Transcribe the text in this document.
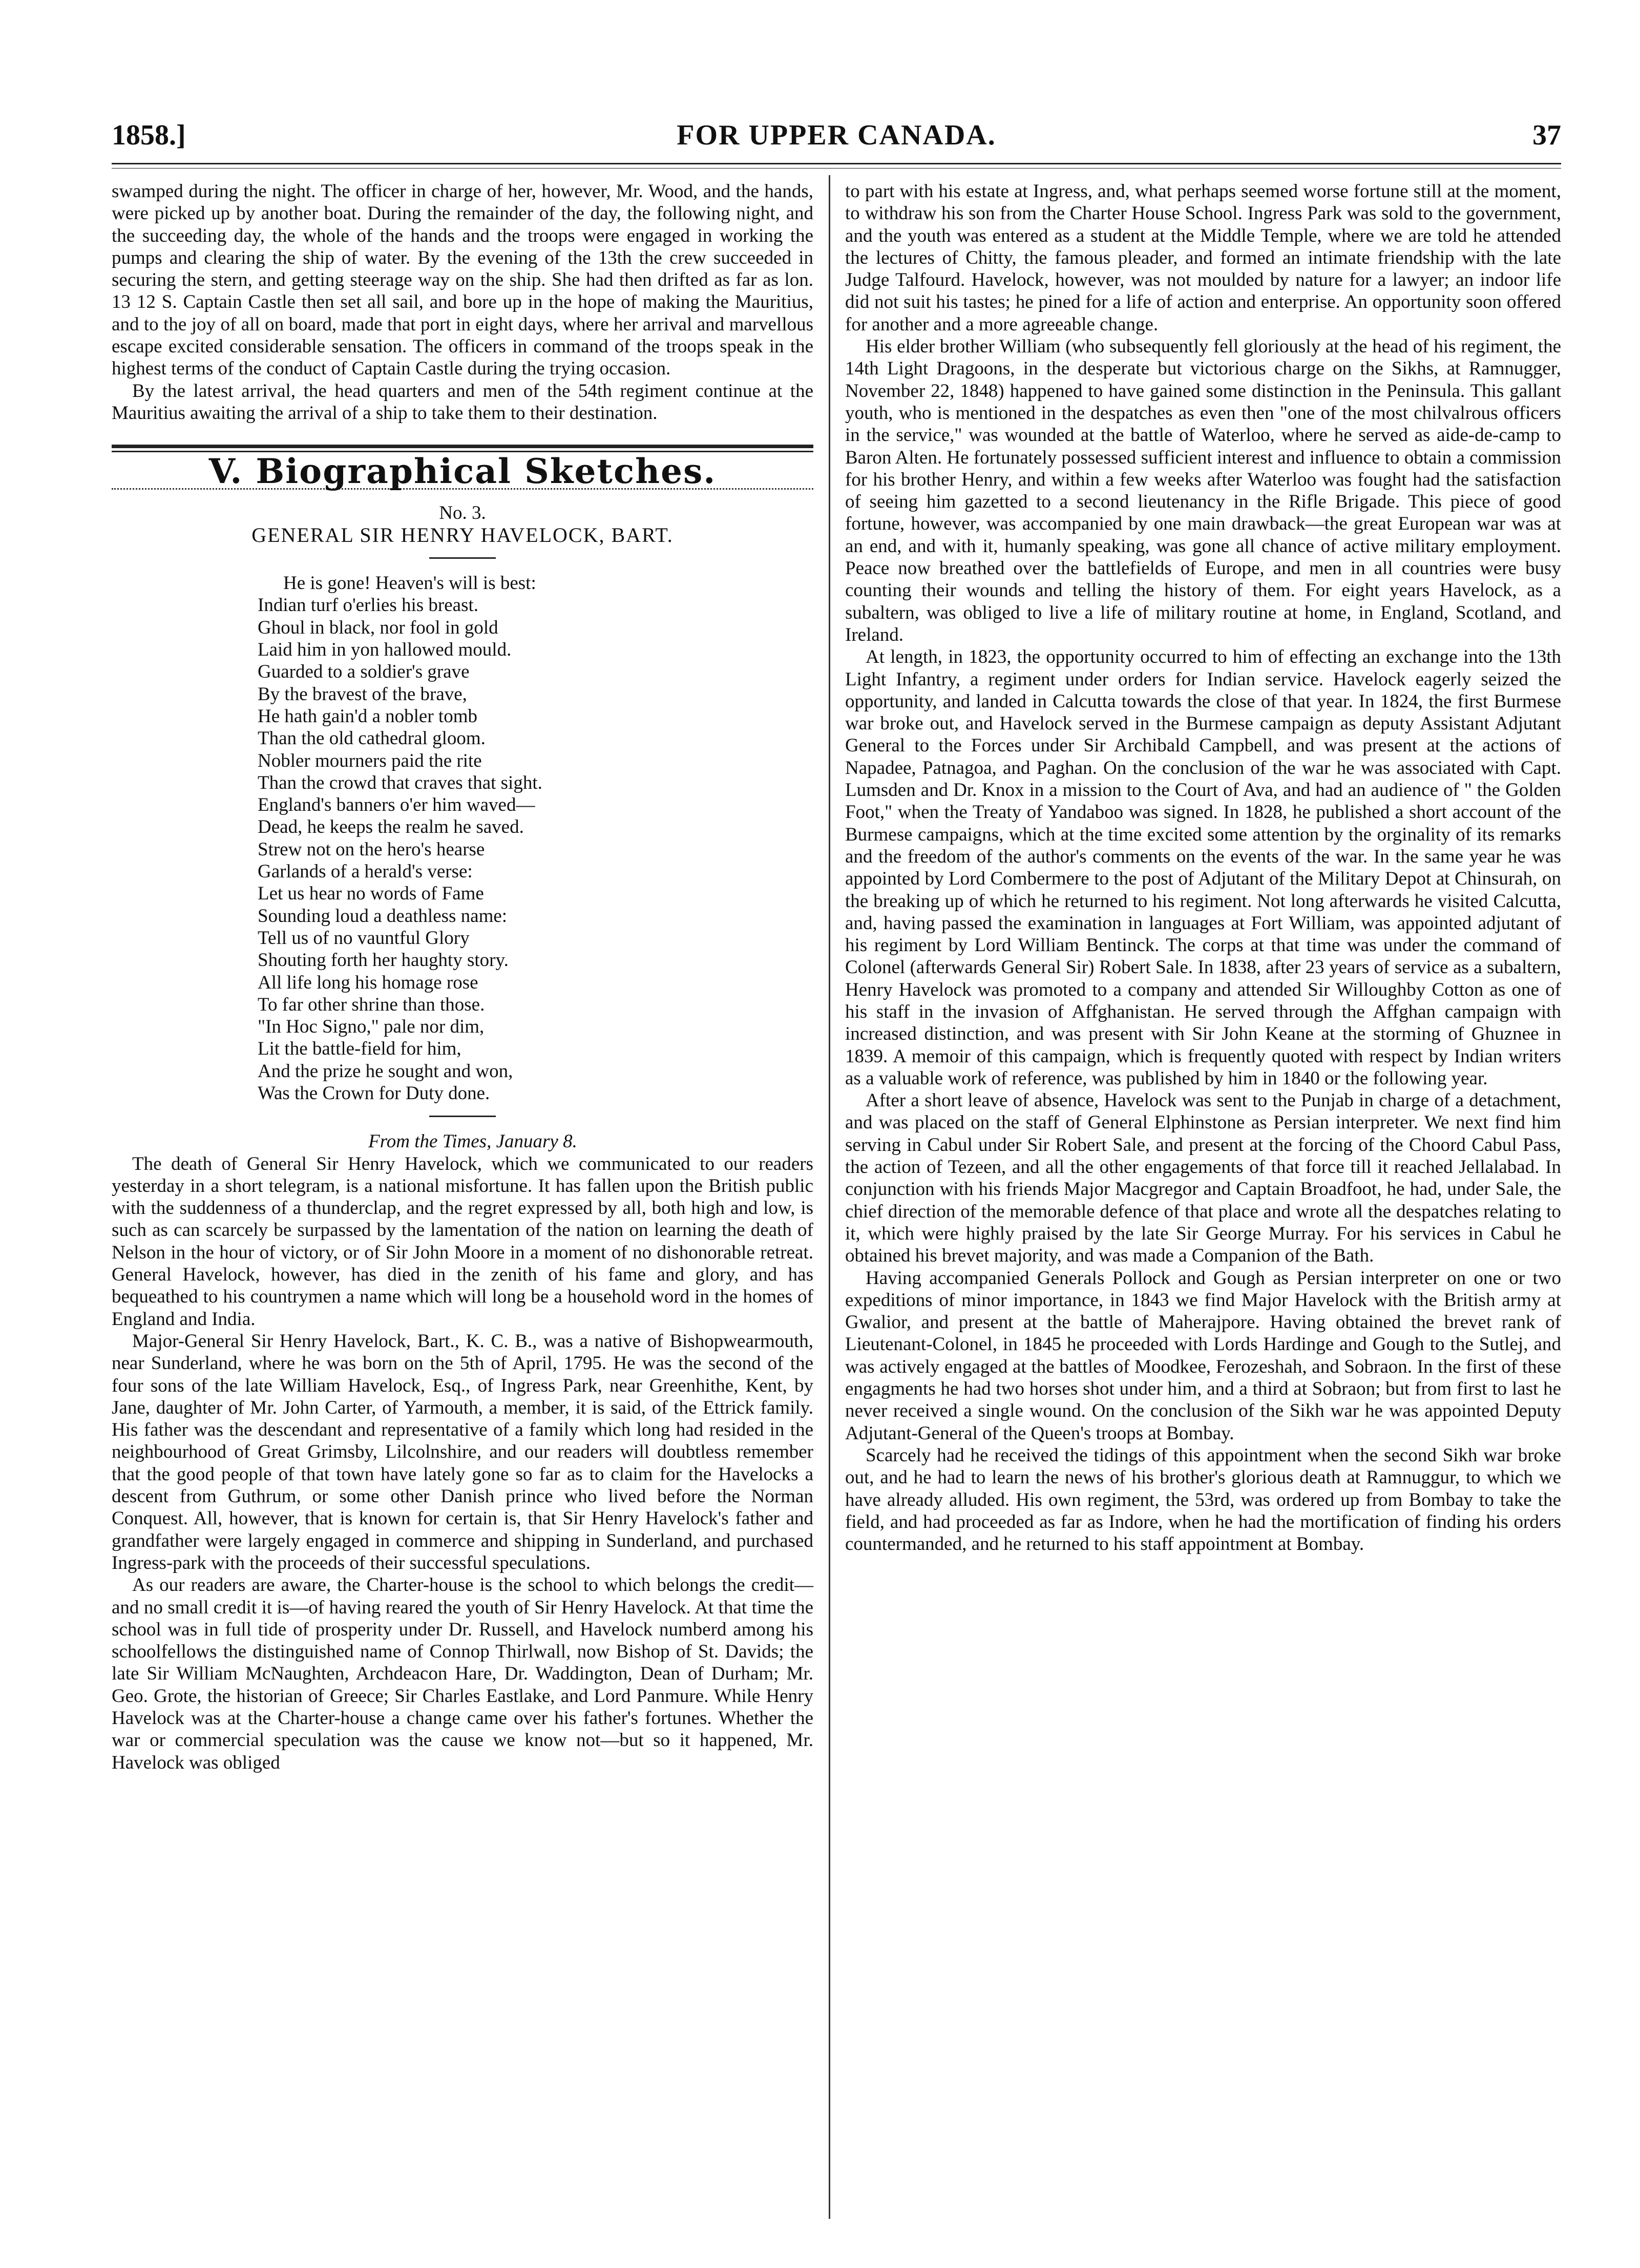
1858.]	FOR UPPER CANADA.	37

swamped during the night. The officer in charge of her, however, Mr. Wood, and the hands, were picked up by another boat. During the remainder of the day, the following night, and the succeeding day, the whole of the hands and the troops were engaged in working the pumps and clearing the ship of water. By the evening of the 13th the crew succeeded in securing the stern, and getting steerage way on the ship. She had then drifted as far as lon. 13 12 S. Captain Castle then set all sail, and bore up in the hope of making the Mauritius, and to the joy of all on board, made that port in eight days, where her arrival and marvellous escape excited considerable sensation. The officers in command of the troops speak in the highest terms of the conduct of Captain Castle during the trying occasion.

By the latest arrival, the head quarters and men of the 54th regiment continue at the Mauritius awaiting the arrival of a ship to take them to their destination.

V. Biographical Sketches.

No. 3.

GENERAL SIR HENRY HAVELOCK, BART.

He is gone! Heaven's will is best:
Indian turf o'erlies his breast.
Ghoul in black, nor fool in gold
Laid him in yon hallowed mould.
Guarded to a soldier's grave
By the bravest of the brave,
He hath gain'd a nobler tomb
Than the old cathedral gloom.
Nobler mourners paid the rite
Than the crowd that craves that sight.
England's banners o'er him waved—
Dead, he keeps the realm he saved.
Strew not on the hero's hearse
Garlands of a herald's verse:
Let us hear no words of Fame
Sounding loud a deathless name:
Tell us of no vauntful Glory
Shouting forth her haughty story.
All life long his homage rose
To far other shrine than those.
"In Hoc Signo," pale nor dim,
Lit the battle-field for him,
And the prize he sought and won,
Was the Crown for Duty done.

From the Times, January 8.

The death of General Sir Henry Havelock, which we communicated to our readers yesterday in a short telegram, is a national misfortune. It has fallen upon the British public with the suddenness of a thunderclap, and the regret expressed by all, both high and low, is such as can scarcely be surpassed by the lamentation of the nation on learning the death of Nelson in the hour of victory, or of Sir John Moore in a moment of no dishonorable retreat. General Havelock, however, has died in the zenith of his fame and glory, and has bequeathed to his countrymen a name which will long be a household word in the homes of England and India.

Major-General Sir Henry Havelock, Bart., K. C. B., was a native of Bishopwearmouth, near Sunderland, where he was born on the 5th of April, 1795. He was the second of the four sons of the late William Havelock, Esq., of Ingress Park, near Greenhithe, Kent, by Jane, daughter of Mr. John Carter, of Yarmouth, a member, it is said, of the Ettrick family. His father was the descendant and representative of a family which long had resided in the neighbourhood of Great Grimsby, Lilcolnshire, and our readers will doubtless remember that the good people of that town have lately gone so far as to claim for the Havelocks a descent from Guthrum, or some other Danish prince who lived before the Norman Conquest. All, however, that is known for certain is, that Sir Henry Havelock's father and grandfather were largely engaged in commerce and shipping in Sunderland, and purchased Ingress-park with the proceeds of their successful speculations.

As our readers are aware, the Charter-house is the school to which belongs the credit—and no small credit it is—of having reared the youth of Sir Henry Havelock. At that time the school was in full tide of prosperity under Dr. Russell, and Havelock numberd among his schoolfellows the distinguished name of Connop Thirlwall, now Bishop of St. Davids; the late Sir William McNaughten, Archdeacon Hare, Dr. Waddington, Dean of Durham; Mr. Geo. Grote, the historian of Greece; Sir Charles Eastlake, and Lord Panmure. While Henry Havelock was at the Charter-house a change came over his father's fortunes. Whether the war or commercial speculation was the cause we know not—but so it happened, Mr. Havelock was obliged

to part with his estate at Ingress, and, what perhaps seemed worse fortune still at the moment, to withdraw his son from the Charter House School. Ingress Park was sold to the government, and the youth was entered as a student at the Middle Temple, where we are told he attended the lectures of Chitty, the famous pleader, and formed an intimate friendship with the late Judge Talfourd. Havelock, however, was not moulded by nature for a lawyer; an indoor life did not suit his tastes; he pined for a life of action and enterprise. An opportunity soon offered for another and a more agreeable change.

His elder brother William (who subsequently fell gloriously at the head of his regiment, the 14th Light Dragoons, in the desperate but victorious charge on the Sikhs, at Ramnugger, November 22, 1848) happened to have gained some distinction in the Peninsula. This gallant youth, who is mentioned in the despatches as even then "one of the most chilvalrous officers in the service," was wounded at the battle of Waterloo, where he served as aide-de-camp to Baron Alten. He fortunately possessed sufficient interest and influence to obtain a commission for his brother Henry, and within a few weeks after Waterloo was fought had the satisfaction of seeing him gazetted to a second lieutenancy in the Rifle Brigade. This piece of good fortune, however, was accompanied by one main drawback—the great European war was at an end, and with it, humanly speaking, was gone all chance of active military employment. Peace now breathed over the battlefields of Europe, and men in all countries were busy counting their wounds and telling the history of them. For eight years Havelock, as a subaltern, was obliged to live a life of military routine at home, in England, Scotland, and Ireland.

At length, in 1823, the opportunity occurred to him of effecting an exchange into the 13th Light Infantry, a regiment under orders for Indian service. Havelock eagerly seized the opportunity, and landed in Calcutta towards the close of that year. In 1824, the first Burmese war broke out, and Havelock served in the Burmese campaign as deputy Assistant Adjutant General to the Forces under Sir Archibald Campbell, and was present at the actions of Napadee, Patnagoa, and Paghan. On the conclusion of the war he was associated with Capt. Lumsden and Dr. Knox in a mission to the Court of Ava, and had an audience of " the Golden Foot," when the Treaty of Yandaboo was signed. In 1828, he published a short account of the Burmese campaigns, which at the time excited some attention by the orginality of its remarks and the freedom of the author's comments on the events of the war. In the same year he was appointed by Lord Combermere to the post of Adjutant of the Military Depot at Chinsurah, on the breaking up of which he returned to his regiment. Not long afterwards he visited Calcutta, and, having passed the examination in languages at Fort William, was appointed adjutant of his regiment by Lord William Bentinck. The corps at that time was under the command of Colonel (afterwards General Sir) Robert Sale. In 1838, after 23 years of service as a subaltern, Henry Havelock was promoted to a company and attended Sir Willoughby Cotton as one of his staff in the invasion of Affghanistan. He served through the Affghan campaign with increased distinction, and was present with Sir John Keane at the storming of Ghuznee in 1839. A memoir of this campaign, which is frequently quoted with respect by Indian writers as a valuable work of reference, was published by him in 1840 or the following year.

After a short leave of absence, Havelock was sent to the Punjab in charge of a detachment, and was placed on the staff of General Elphinstone as Persian interpreter. We next find him serving in Cabul under Sir Robert Sale, and present at the forcing of the Choord Cabul Pass, the action of Tezeen, and all the other engagements of that force till it reached Jellalabad. In conjunction with his friends Major Macgregor and Captain Broadfoot, he had, under Sale, the chief direction of the memorable defence of that place and wrote all the despatches relating to it, which were highly praised by the late Sir George Murray. For his services in Cabul he obtained his brevet majority, and was made a Companion of the Bath.

Having accompanied Generals Pollock and Gough as Persian interpreter on one or two expeditions of minor importance, in 1843 we find Major Havelock with the British army at Gwalior, and present at the battle of Maherajpore. Having obtained the brevet rank of Lieutenant-Colonel, in 1845 he proceeded with Lords Hardinge and Gough to the Sutlej, and was actively engaged at the battles of Moodkee, Ferozeshah, and Sobraon. In the first of these engagments he had two horses shot under him, and a third at Sobraon; but from first to last he never received a single wound. On the conclusion of the Sikh war he was appointed Deputy Adjutant-General of the Queen's troops at Bombay.

Scarcely had he received the tidings of this appointment when the second Sikh war broke out, and he had to learn the news of his brother's glorious death at Ramnuggur, to which we have already alluded. His own regiment, the 53rd, was ordered up from Bombay to take the field, and had proceeded as far as Indore, when he had the mortification of finding his orders countermanded, and he returned to his staff appointment at Bombay.
